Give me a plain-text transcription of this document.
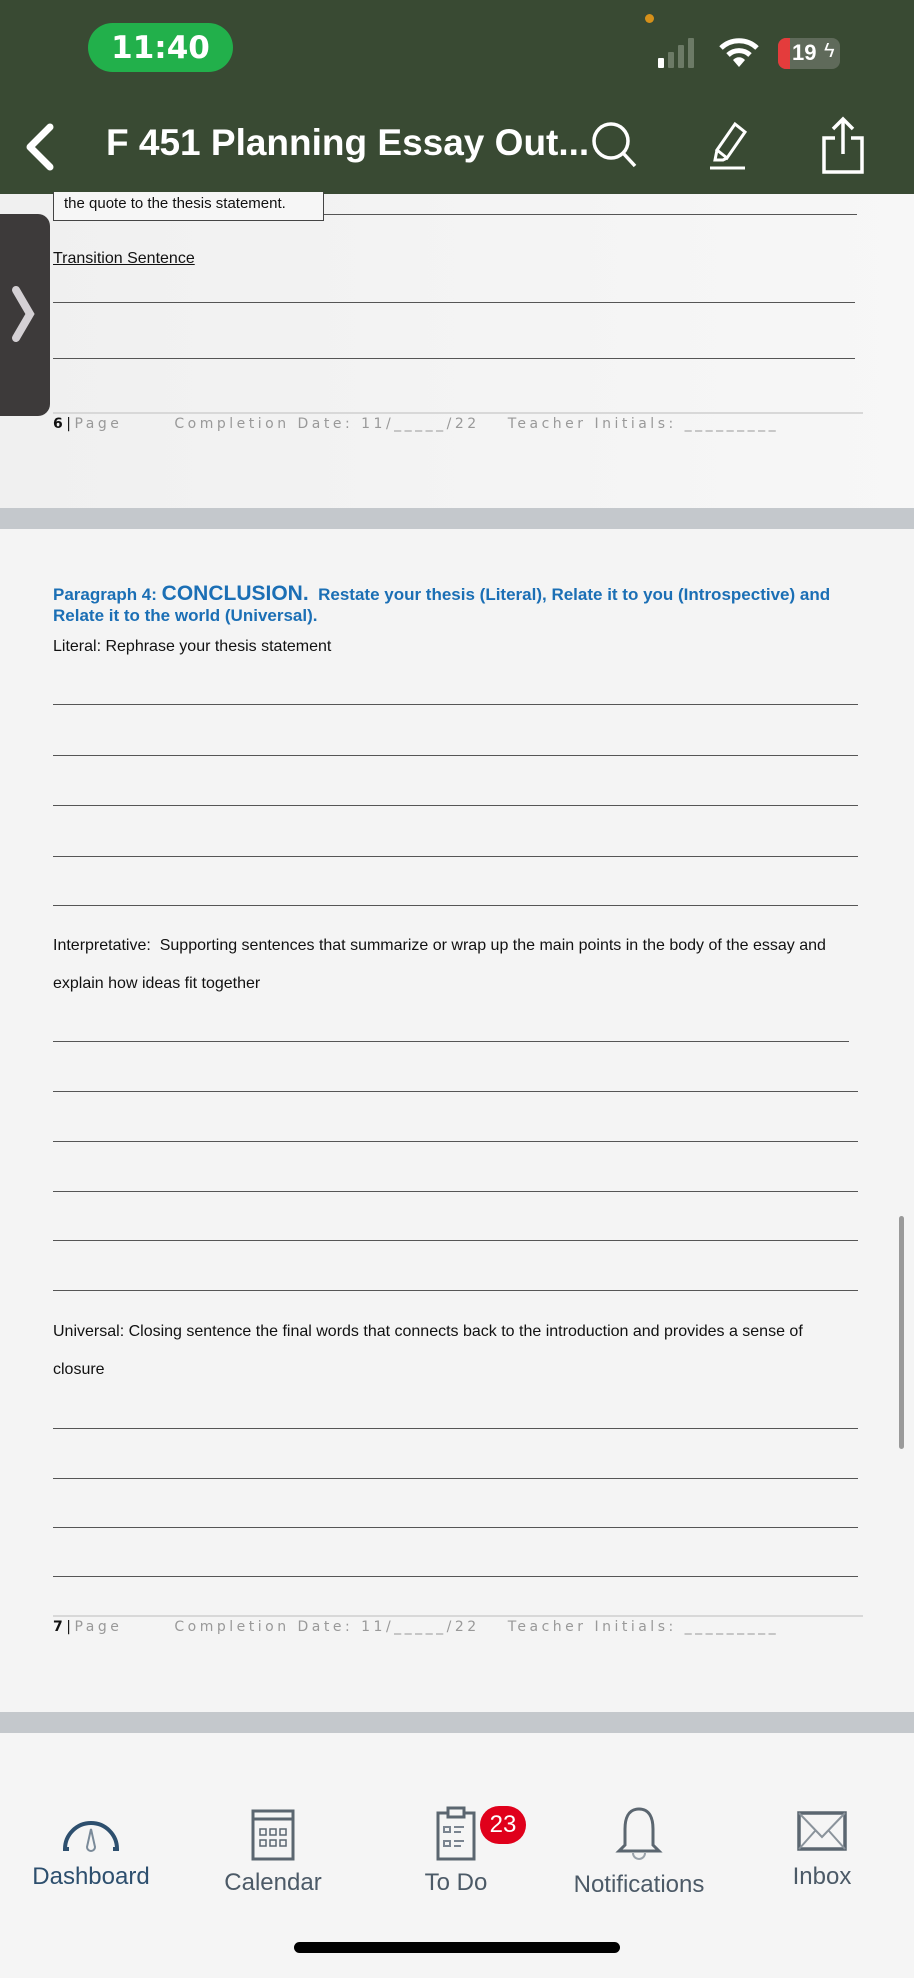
11:40	19 ϟ
F 451 Planning Essay Out...
the quote to the thesis statement.
Transition Sentence
6|Page	Completion Date: 11/_____/22 Teacher Initials: _________
Paragraph 4: CONCLUSION.  Restate your thesis (Literal), Relate it to you (Introspective) and
Relate it to the world (Universal).
Literal: Rephrase your thesis statement
Interpretative:  Supporting sentences that summarize or wrap up the main points in the body of the essay and
explain how ideas fit together
Universal: Closing sentence the final words that connects back to the introduction and provides a sense of
closure
7|Page	Completion Date: 11/_____/22 Teacher Initials: _________
Dashboard	Calendar	To Do
23
Notifications	Inbox
